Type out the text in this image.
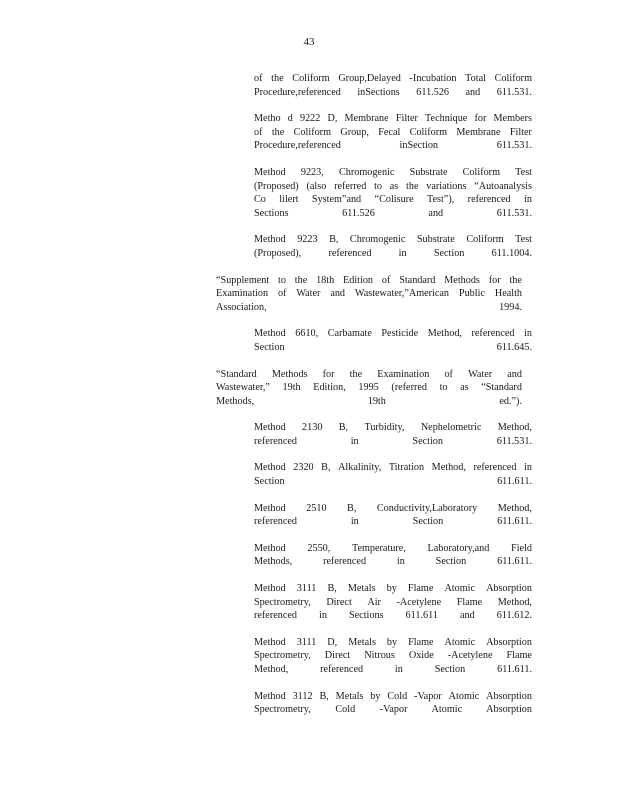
43
of the Coliform Group,Delayed -Incubation Total Coliform
Procedure,referenced inSections 611.526 and 611.531.
Metho d 9222 D, Membrane Filter Technique for Members
of the Coliform Group, Fecal Coliform Membrane Filter
Procedure,referenced inSection 611.531.
Method 9223, Chromogenic Substrate Coliform Test
(Proposed) (also referred to as the variations “Autoanalysis
Co lilert System”and “Colisure Test”), referenced in
Sections 611.526 and 611.531.
Method 9223 B, Chromogenic Substrate Coliform Test
(Proposed), referenced in Section 611.1004.
“Supplement to the 18th Edition of Standard Methods for the
Examination of Water and Wastewater,”American Public Health
Association, 1994.
Method 6610, Carbamate Pesticide Method, referenced in
Section 611.645.
“Standard Methods for the Examination of Water and
Wastewater,” 19th Edition, 1995 (referred to as “Standard
Methods, 19th ed.”).
Method 2130 B, Turbidity, Nephelometric Method,
referenced in Section 611.531.
Method 2320 B, Alkalinity, Titration Method, referenced in
Section 611.611.
Method 2510 B, Conductivity,Laboratory Method,
referenced in Section 611.611.
Method 2550, Temperature, Laboratory,and Field
Methods, referenced in Section 611.611.
Method 3111 B, Metals by Flame Atomic Absorption
Spectrometry, Direct Air -Acetylene Flame Method,
referenced in Sections 611.611 and 611.612.
Method 3111 D, Metals by Flame Atomic Absorption
Spectrometry, Direct Nitrous Oxide -Acetylene Flame
Method, referenced in Section 611.611.
Method 3112 B, Metals by Cold -Vapor Atomic Absorption
Spectrometry, Cold -Vapor Atomic Absorption
